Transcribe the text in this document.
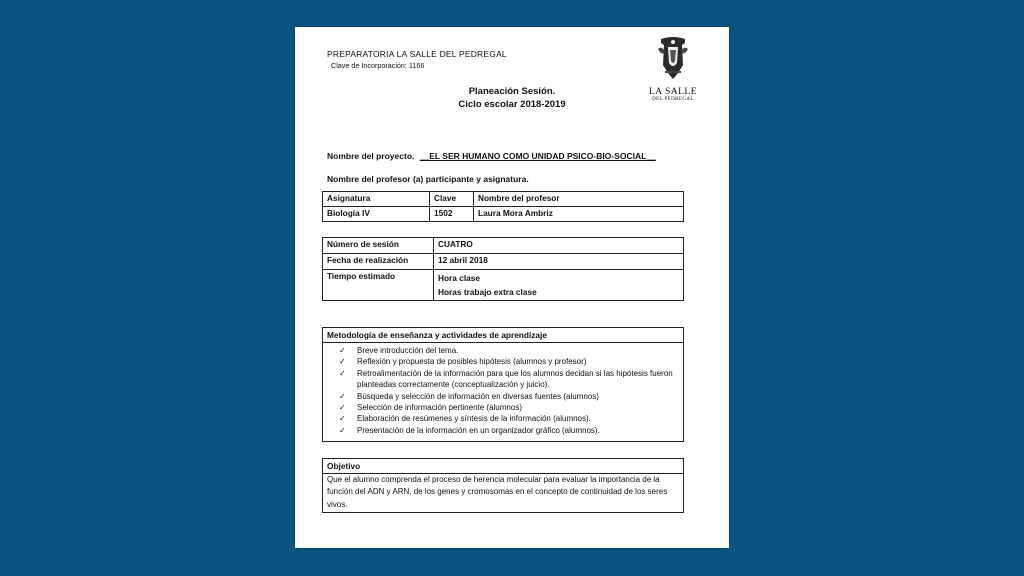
PREPARATORIA LA SALLE DEL PEDREGAL
Clave de Incorporación: 1166
LA SALLE
DEL PEDREGAL
Planeación Sesión.
Ciclo escolar 2018-2019
Nombre del proyecto. __EL SER HUMANO COMO UNIDAD PSICO-BIO-SOCIAL__
Nombre del profesor (a) participante y asignatura.
Asignatura	Clave	Nombre del profesor
Biología IV	1502	Laura Mora Ambriz
Número de sesión	CUATRO
Fecha de realización	12 abril 2018
Tiempo estimado	Hora clase
Horas trabajo extra clase
Metodología de enseñanza y actividades de aprendizaje
✓ Breve introducción del tema.
✓ Reflexión y propuesta de posibles hipótesis (alumnos y profesor)
✓ Retroalimentación de la información para que los alumnos decidan si las hipótesis fueron planteadas correctamente (conceptualización y juicio).
✓ Búsqueda y selección de información en diversas fuentes (alumnos)
✓ Selección de información pertinente (alumnos)
✓ Elaboración de resúmenes y síntesis de la información (alumnos).
✓ Presentación de la información en un organizador gráfico (alumnos).
Objetivo
Que el alumno comprenda el proceso de herencia molecular para evaluar la importancia de la función del ADN y ARN, de los genes y cromosomas en el concepto de continuidad de los seres vivos.
